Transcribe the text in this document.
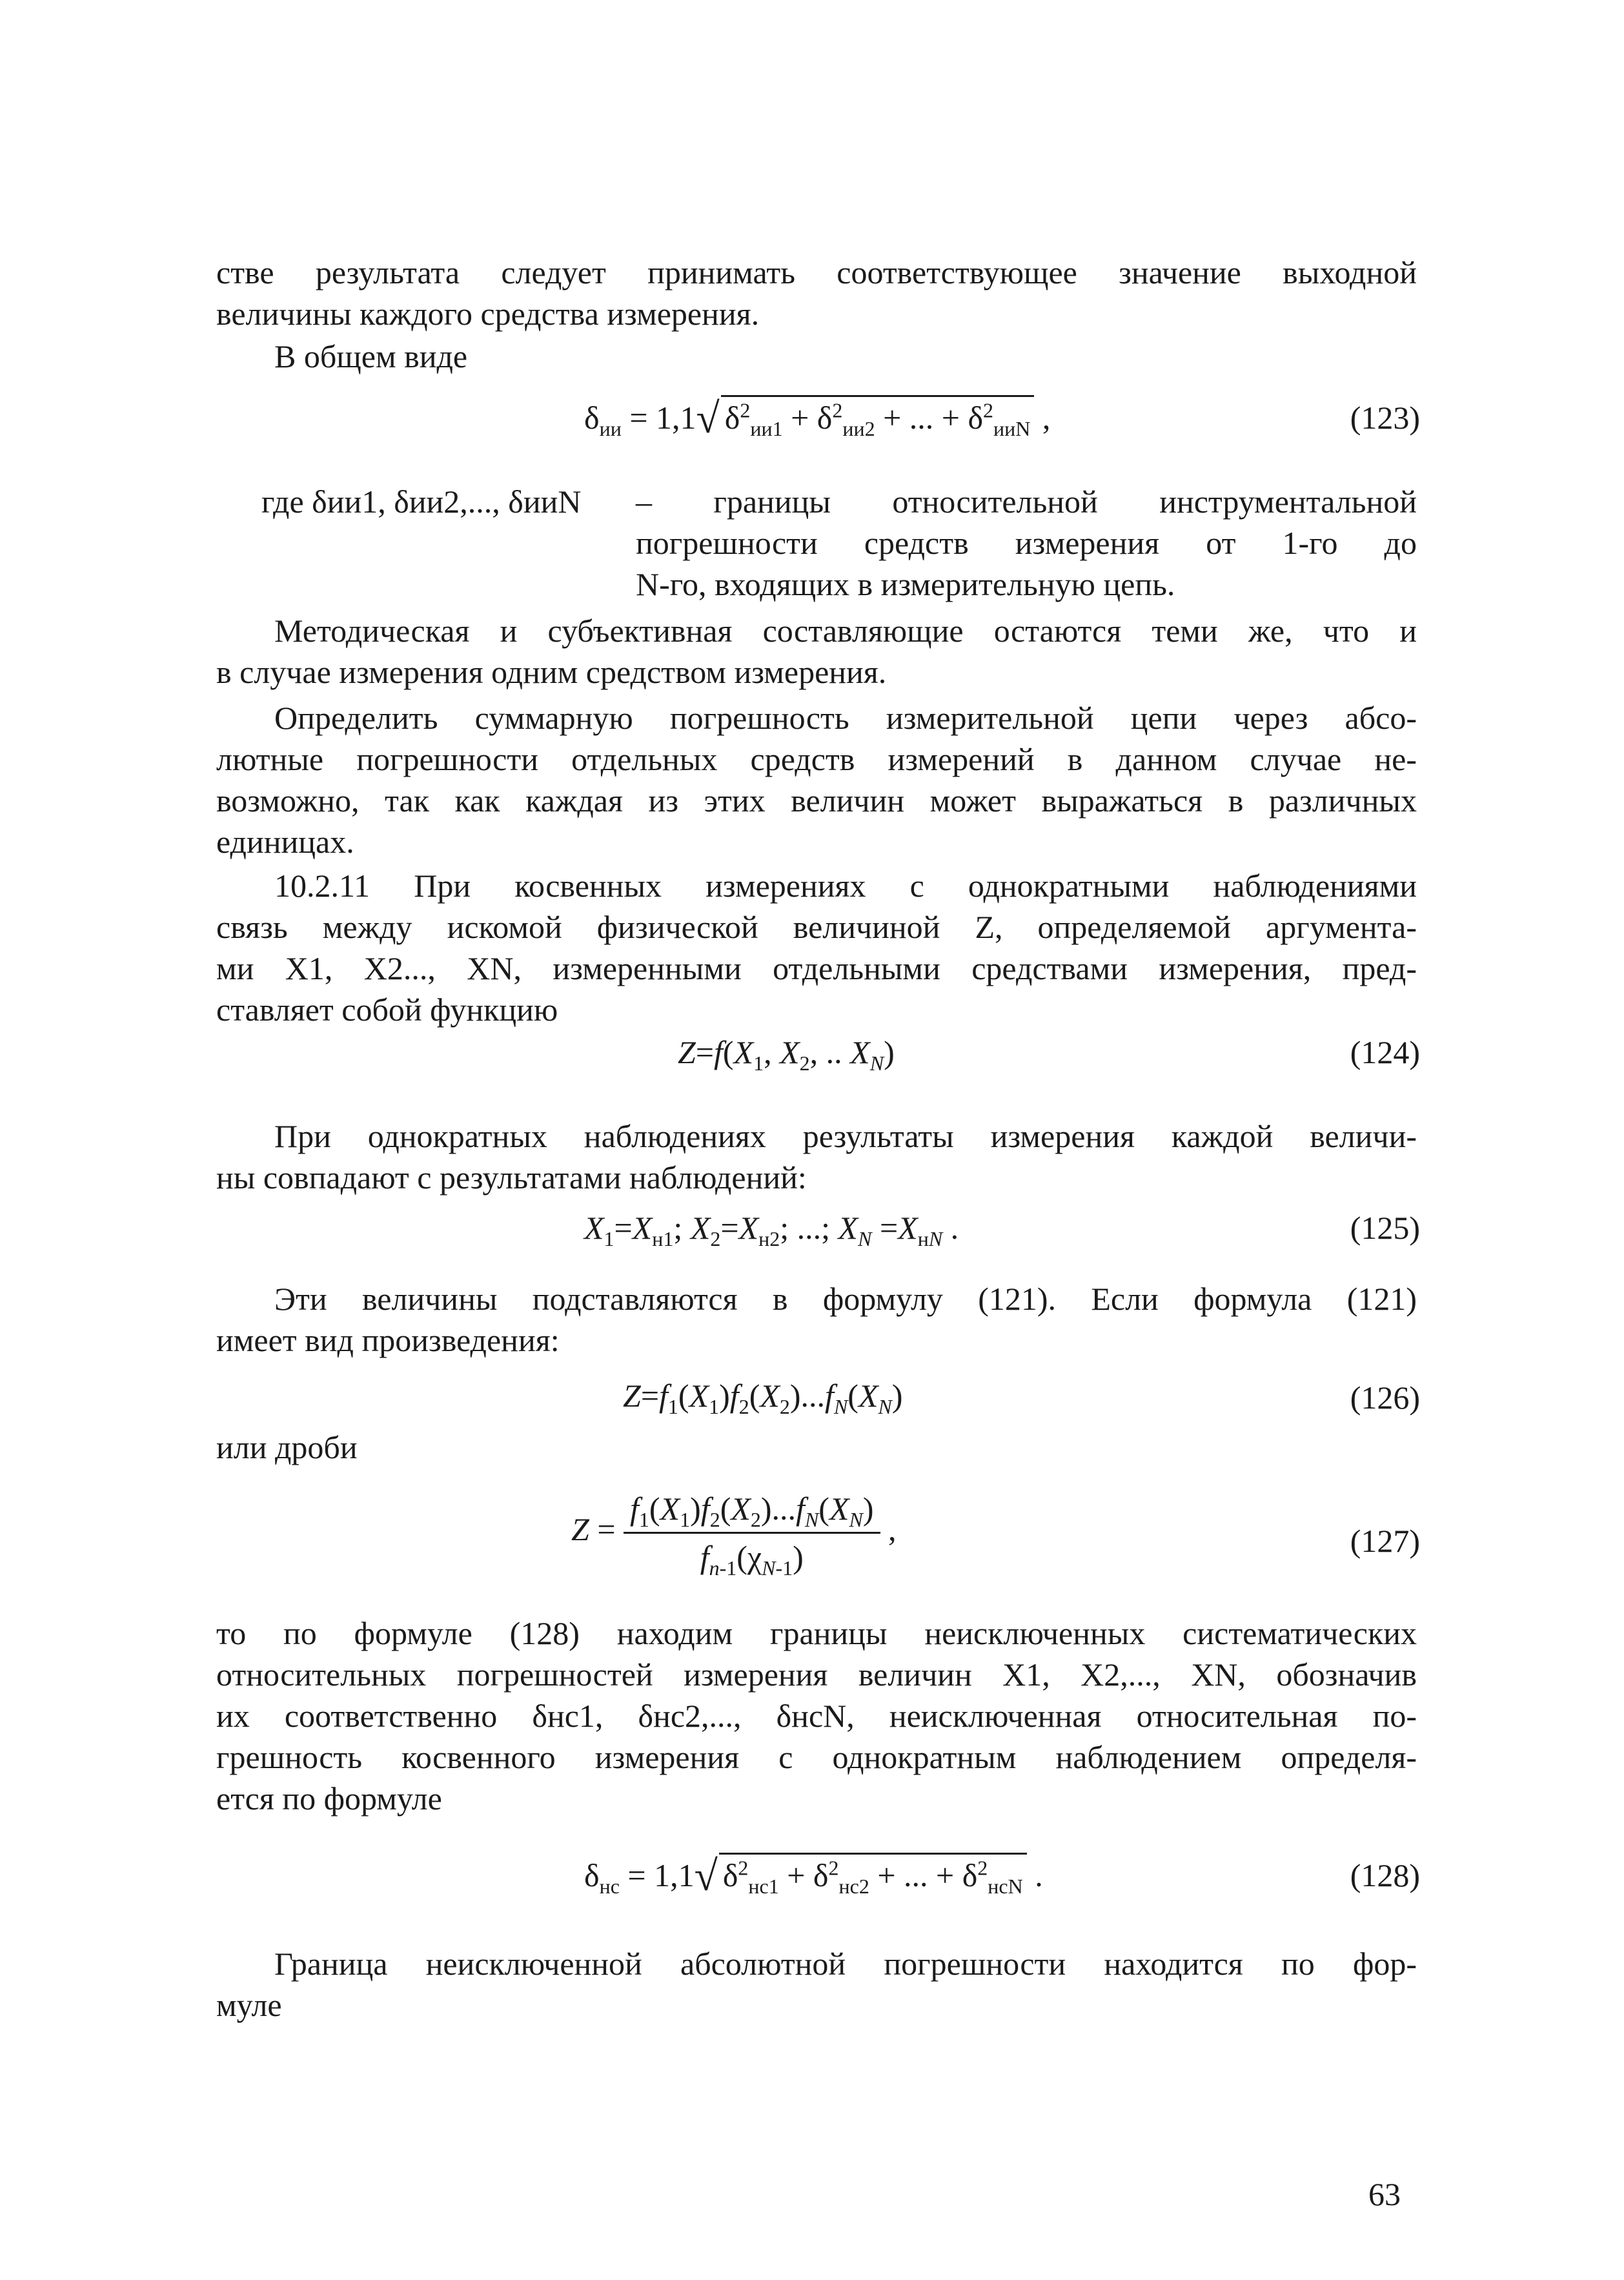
стве результата следует принимать соответствующее значение выходной
величины каждого средства измерения.
В общем виде
$\delta_{ии} = 1,1√$ $\delta^2_{ии1} + \delta^2_{ии2}$ + ... + $\delta^2_{ииN}$ ,	(123)
где δии1, δии2,..., δииN – границы относительной инструментальной
погрешности средств измерения от 1-го до
N-го, входящих в измерительную цепь.
Методическая и субъективная составляющие остаются теми же, что и
в случае измерения одним средством измерения.
Определить суммарную погрешность измерительной цепи через абсо-
лютные погрешности отдельных средств измерений в данном случае не-
возможно, так как каждая из этих величин может выражаться в различных
единицах.
10.2.11 При косвенных измерениях с однократными наблюдениями
связь между искомой физической величиной Z, определяемой аргумента-
ми X1, X2..., XN, измеренными отдельными средствами измерения, пред-
ставляет собой функцию
$Z=f(X_1$, $X_2$, .. $X_N$)	(124)
При однократных наблюдениях результаты измерения каждой величи-
ны совпадают с результатами наблюдений:
$X_1=X_{н1}$; $X_2=X_{н2}$; ...; $X_N =X_{нN}$ .	(125)
Эти величины подставляются в формулу (121). Если формула (121)
имеет вид произведения:
$Z=f_1(X_1)f_2(X_2)...f_N(X_N)$	(126)
или дроби
$Z = \frac{f_1(X_1)f_2(X_2)...f_N(X_N)}{f_{n-1}(\chi_{N-1})}$ ,	(127)
то по формуле (128) находим границы неисключенных систематических
относительных погрешностей измерения величин X1, X2,..., XN, обозначив
их соответственно δнс1, δнс2,..., δнсN, неисключенная относительная по-
грешность косвенного измерения с однократным наблюдением определя-
ется по формуле
$\delta_{нс} = 1,1√$ $\delta^2_{нс1} + \delta^2_{нс2}$ + ... + $\delta^2_{нсN}$ .	(128)
Граница неисключенной абсолютной погрешности находится по фор-
муле
63
